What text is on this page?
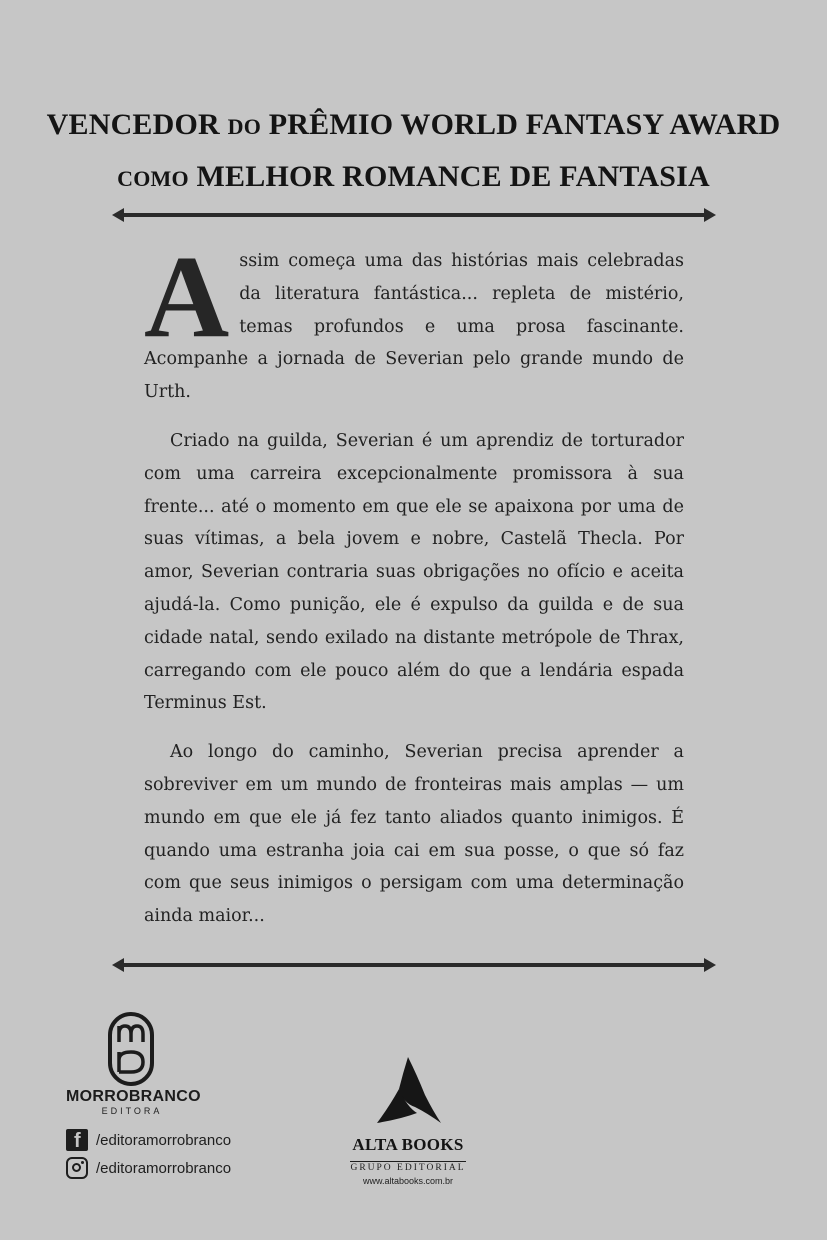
VENCEDOR DO PRÊMIO WORLD FANTASY AWARD
COMO MELHOR ROMANCE DE FANTASIA

Assim começa uma das histórias mais celebradas da literatura fantástica... repleta de mistério, temas profundos e uma prosa fascinante. Acompanhe a jornada de Severian pelo grande mundo de Urth.

Criado na guilda, Severian é um aprendiz de torturador com uma carreira excepcionalmente promissora à sua frente... até o momento em que ele se apaixona por uma de suas vítimas, a bela jovem e nobre, Castelã Thecla. Por amor, Severian contraria suas obrigações no ofício e aceita ajudá-la. Como punição, ele é expulso da guilda e de sua cidade natal, sendo exilado na distante metrópole de Thrax, carregando com ele pouco além do que a lendária espada Terminus Est.

Ao longo do caminho, Severian precisa aprender a sobreviver em um mundo de fronteiras mais amplas — um mundo em que ele já fez tanto aliados quanto inimigos. É quando uma estranha joia cai em sua posse, o que só faz com que seus inimigos o persigam com uma determinação ainda maior...

MORROBRANCO
EDITORA
f /editoramorrobranco
/editoramorrobranco
ALTA BOOKS
GRUPO EDITORIAL
www.altabooks.com.br
